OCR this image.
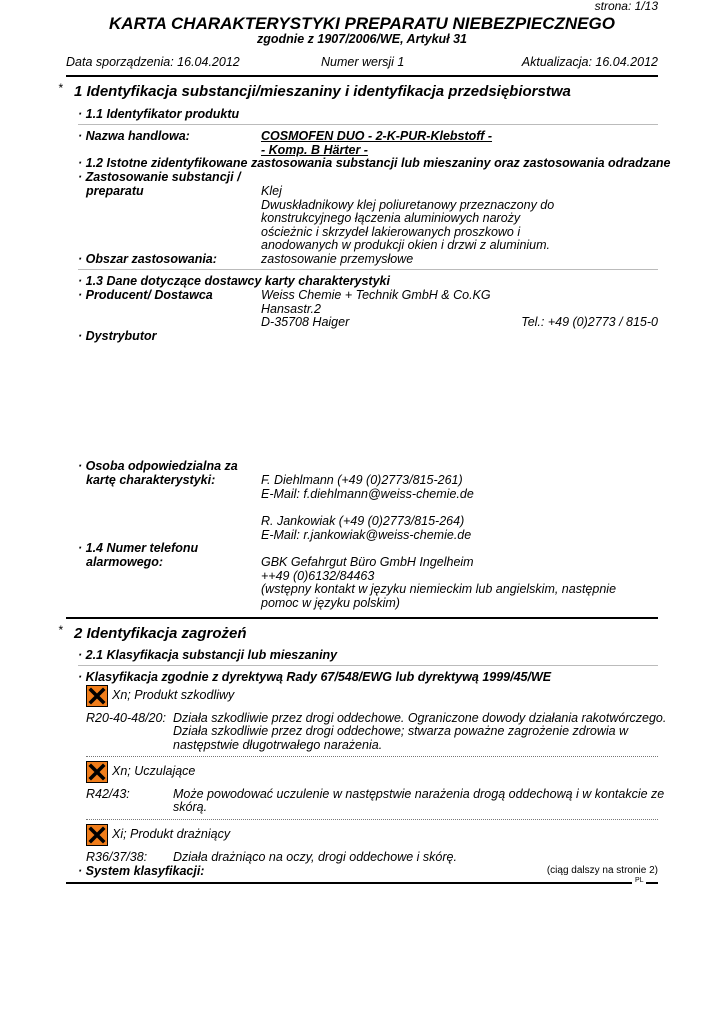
strona: 1/13
KARTA CHARAKTERYSTYKI PREPARATU NIEBEZPIECZNEGO
zgodnie z 1907/2006/WE, Artykuł 31
Data sporządzenia: 16.04.2012	Numer wersji 1	Aktualizacja: 16.04.2012
* 1 Identyfikacja substancji/mieszaniny i identyfikacja przedsiębiorstwa
· 1.1 Identyfikator produktu
· Nazwa handlowa:	COSMOFEN DUO - 2-K-PUR-Klebstoff -
- Komp. B Härter -
· 1.2 Istotne zidentyfikowane zastosowania substancji lub mieszaniny oraz zastosowania odradzane
· Zastosowanie substancji /
preparatu	Klej
Dwuskładnikowy klej poliuretanowy przeznaczony do
konstrukcyjnego łączenia aluminiowych naroży
ościeżnic i skrzydeł lakierowanych proszkowo i
anodowanych w produkcji okien i drzwi z aluminium.
· Obszar zastosowania:	zastosowanie przemysłowe
· 1.3 Dane dotyczące dostawcy karty charakterystyki
· Producent/ Dostawca	Weiss Chemie + Technik GmbH & Co.KG
Hansastr.2
D-35708 Haiger	Tel.: +49 (0)2773 / 815-0
· Dystrybutor
· Osoba odpowiedzialna za
kartę charakterystyki:	F. Diehlmann (+49 (0)2773/815-261)
E-Mail: f.diehlmann@weiss-chemie.de
R. Jankowiak (+49 (0)2773/815-264)
E-Mail: r.jankowiak@weiss-chemie.de
· 1.4 Numer telefonu
alarmowego:	GBK Gefahrgut Büro GmbH Ingelheim
++49 (0)6132/84463
(wstępny kontakt w języku niemieckim lub angielskim, następnie
pomoc w języku polskim)
* 2 Identyfikacja zagrożeń
· 2.1 Klasyfikacja substancji lub mieszaniny
· Klasyfikacja zgodnie z dyrektywą Rady 67/548/EWG lub dyrektywą 1999/45/WE
Xn; Produkt szkodliwy
R20-40-48/20: Działa szkodliwie przez drogi oddechowe. Ograniczone dowody działania rakotwórczego.
Działa szkodliwie przez drogi oddechowe; stwarza poważne zagrożenie zdrowia w
następstwie długotrwałego narażenia.
Xn; Uczulające
R42/43:	Może powodować uczulenie w następstwie narażenia drogą oddechową i w kontakcie ze
skórą.
Xi; Produkt drażniący
R36/37/38: Działa drażniąco na oczy, drogi oddechowe i skórę.
· System klasyfikacji:	(ciąg dalszy na stronie 2)
PL
